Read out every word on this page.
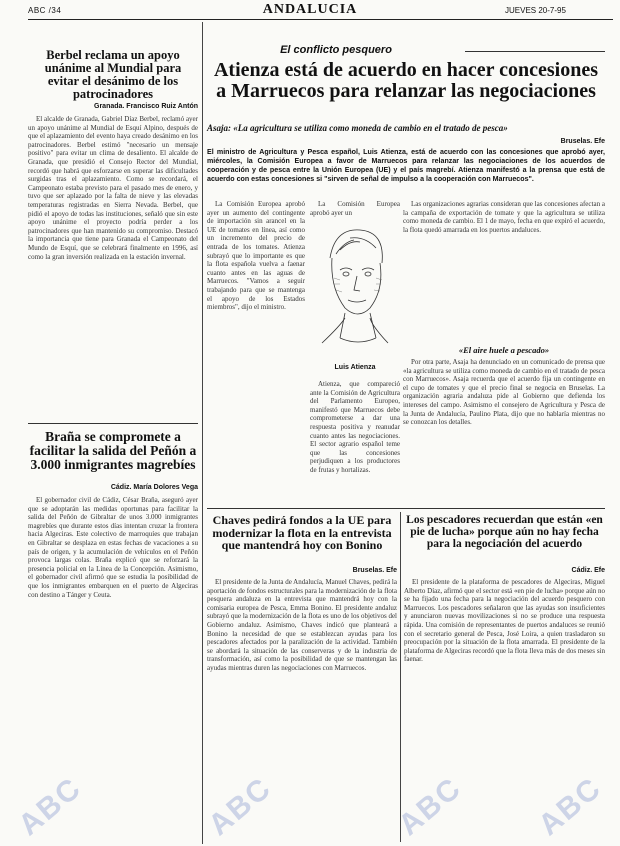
ABC /34	ANDALUCIA	JUEVES 20-7-95
El conflicto pesquero
Atienza está de acuerdo en hacer concesiones a Marruecos para relanzar las negociaciones
Asaja: «La agricultura se utiliza como moneda de cambio en el tratado de pesca»
Bruselas. Efe
El ministro de Agricultura y Pesca español, Luis Atienza, está de acuerdo con las concesiones que aprobó ayer, miércoles, la Comisión Europea a favor de Marruecos para relanzar las negociaciones de los acuerdos de cooperación y de pesca entre la Unión Europea (UE) y el país magrebí. Atienza manifestó a la prensa que está de acuerdo con estas concesiones si "sirven de señal de impulso a la cooperación con Marruecos".

La Comisión Europea aprobó ayer un aumento del contingente de importación sin arancel en la UE de tomates en línea, así como un incremento del precio de entrada de los tomates. Atienza subrayó que lo importante es que la flota española vuelva a faenar cuanto antes en las aguas de Marruecos. "Vamos a seguir trabajando para que se mantenga el apoyo de los Estados miembros", dijo el ministro.

La Comisión Europea aprobó ayer un

Atienza, que compareció ante la Comisión de Agricultura del Parlamento Europeo, manifestó que Marruecos debe comprometerse a dar una respuesta positiva y reanudar cuanto antes las negociaciones. El sector agrario español teme que las concesiones perjudiquen a los productores de frutas y hortalizas.

Las organizaciones agrarias consideran que las concesiones afectan a la campaña de exportación de tomate y que la agricultura se utiliza como moneda de cambio. El 1 de mayo, fecha en que expiró el acuerdo, la flota quedó amarrada en los puertos andaluces.

«El aire huele a pescado»

Por otra parte, Asaja ha denunciado en un comunicado de prensa que «la agricultura se utiliza como moneda de cambio en el tratado de pesca con Marruecos». Asaja recuerda que el acuerdo fija un contingente en el cupo de tomates y que el precio final se negocia en Bruselas. La organización agraria andaluza pide al Gobierno que defienda los intereses del campo. Asimismo el consejero de Agricultura y Pesca de la Junta de Andalucía, Paulino Plata, dijo que no hablaría mientras no se conozcan los detalles.

Luis Atienza
Berbel reclama un apoyo unánime al Mundial para evitar el desánimo de los patrocinadores
Granada. Francisco Ruiz Antón

El alcalde de Granada, Gabriel Díaz Berbel, reclamó ayer un apoyo unánime al Mundial de Esquí Alpino, después de que el aplazamiento del evento haya creado desánimo en los patrocinadores. Berbel estimó "necesario un mensaje positivo" para evitar un clima de desaliento. El alcalde de Granada, que presidió el Consejo Rector del Mundial, recordó que habrá que esforzarse en superar las dificultades surgidas tras el aplazamiento. Como se recordará, el Campeonato estaba previsto para el pasado mes de enero, y tuvo que ser aplazado por la falta de nieve y las elevadas temperaturas registradas en Sierra Nevada. Berbel, que pidió el apoyo de todas las instituciones, señaló que sin este apoyo unánime el proyecto podría perder a los patrocinadores que han mantenido su compromiso. Destacó la importancia que tiene para Granada el Campeonato del Mundo de Esquí, que se celebrará finalmente en 1996, así como la gran inversión realizada en la estación invernal.

Braña se compromete a facilitar la salida del Peñón a 3.000 inmigrantes magrebíes
Cádiz. María Dolores Vega

El gobernador civil de Cádiz, César Braña, aseguró ayer que se adoptarán las medidas oportunas para facilitar la salida del Peñón de Gibraltar de unos 3.000 inmigrantes magrebíes que durante estos días intentan cruzar la frontera hacia Algeciras. Este colectivo de marroquíes que trabajan en Gibraltar se desplaza en estas fechas de vacaciones a su país de origen, y la acumulación de vehículos en el Peñón provoca largas colas. Braña explicó que se reforzará la presencia policial en la Línea de la Concepción. Asimismo, el gobernador civil afirmó que se estudia la posibilidad de que los inmigrantes embarquen en el puerto de Algeciras con destino a Tánger y Ceuta.

Chaves pedirá fondos a la UE para modernizar la flota en la entrevista que mantendrá hoy con Bonino
Bruselas. Efe

El presidente de la Junta de Andalucía, Manuel Chaves, pedirá la aportación de fondos estructurales para la modernización de la flota pesquera andaluza en la entrevista que mantendrá hoy con la comisaria europea de Pesca, Emma Bonino. El presidente andaluz subrayó que la modernización de la flota es uno de los objetivos del Gobierno andaluz. Asimismo, Chaves indicó que planteará a Bonino la necesidad de que se establezcan ayudas para los pescadores afectados por la paralización de la actividad. También se abordará la situación de las conserveras y de la industria de transformación, así como la posibilidad de que se mantengan las ayudas mientras duren las negociaciones con Marruecos.

Los pescadores recuerdan que están «en pie de lucha» porque aún no hay fecha para la negociación del acuerdo
Cádiz. Efe

El presidente de la plataforma de pescadores de Algeciras, Miguel Alberto Díaz, afirmó que el sector está «en pie de lucha» porque aún no se ha fijado una fecha para la negociación del acuerdo pesquero con Marruecos. Los pescadores señalaron que las ayudas son insuficientes y anunciaron nuevas movilizaciones si no se produce una respuesta rápida. Una comisión de representantes de puertos andaluces se reunió con el secretario general de Pesca, José Loira, a quien trasladaron su preocupación por la situación de la flota amarrada. El presidente de la plataforma de Algeciras recordó que la flota lleva más de dos meses sin faenar.

ABC	ABC	ABC ABC
